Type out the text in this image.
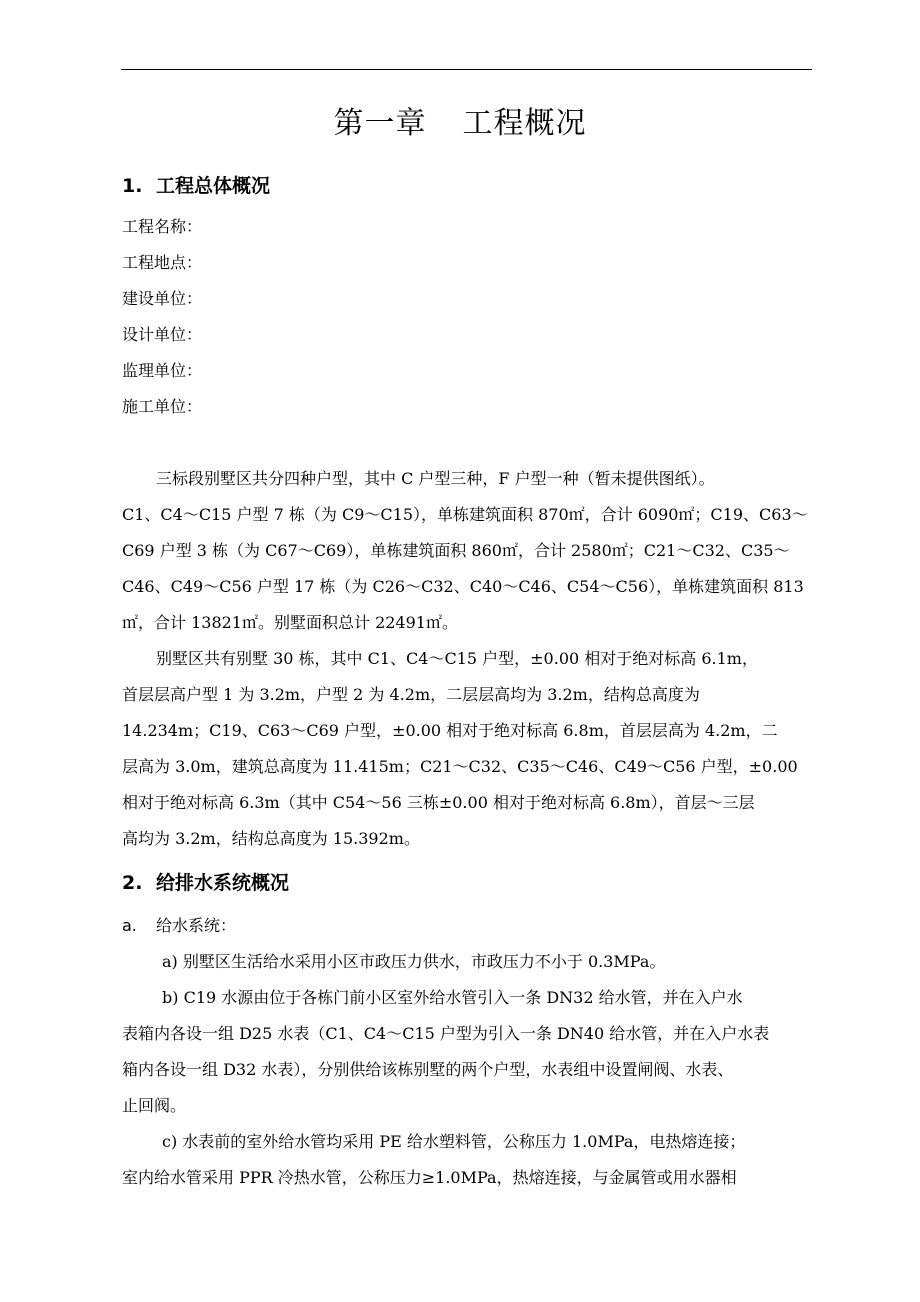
第一章 工程概况
1. 工程总体概况
工程名称：
工程地点：
建设单位：
设计单位：
监理单位：
施工单位：
三标段别墅区共分四种户型，其中 C 户型三种，F 户型一种（暂未提供图纸）。
C1、C4～C15 户型 7 栋（为 C9～C15），单栋建筑面积 870㎡，合计 6090㎡；C19、C63～
C69 户型 3 栋（为 C67～C69），单栋建筑面积 860㎡，合计 2580㎡；C21～C32、C35～
C46、C49～C56 户型 17 栋（为 C26～C32、C40～C46、C54～C56），单栋建筑面积 813
㎡，合计 13821㎡。别墅面积总计 22491㎡。
别墅区共有别墅 30 栋，其中 C1、C4～C15 户型，±0.00 相对于绝对标高 6.1m，
首层层高户型 1 为 3.2m，户型 2 为 4.2m，二层层高均为 3.2m，结构总高度为
14.234m；C19、C63～C69 户型，±0.00 相对于绝对标高 6.8m，首层层高为 4.2m，二
层高为 3.0m，建筑总高度为 11.415m；C21～C32、C35～C46、C49～C56 户型，±0.00
相对于绝对标高 6.3m（其中 C54～56 三栋±0.00 相对于绝对标高 6.8m），首层～三层
高均为 3.2m，结构总高度为 15.392m。
2. 给排水系统概况
a. 给水系统：
a) 别墅区生活给水采用小区市政压力供水，市政压力不小于 0.3MPa。
b) C19 水源由位于各栋门前小区室外给水管引入一条 DN32 给水管，并在入户水
表箱内各设一组 D25 水表（C1、C4～C15 户型为引入一条 DN40 给水管，并在入户水表
箱内各设一组 D32 水表），分别供给该栋别墅的两个户型，水表组中设置闸阀、水表、
止回阀。
c) 水表前的室外给水管均采用 PE 给水塑料管，公称压力 1.0MPa，电热熔连接；
室内给水管采用 PPR 冷热水管，公称压力≥1.0MPa，热熔连接，与金属管或用水器相
